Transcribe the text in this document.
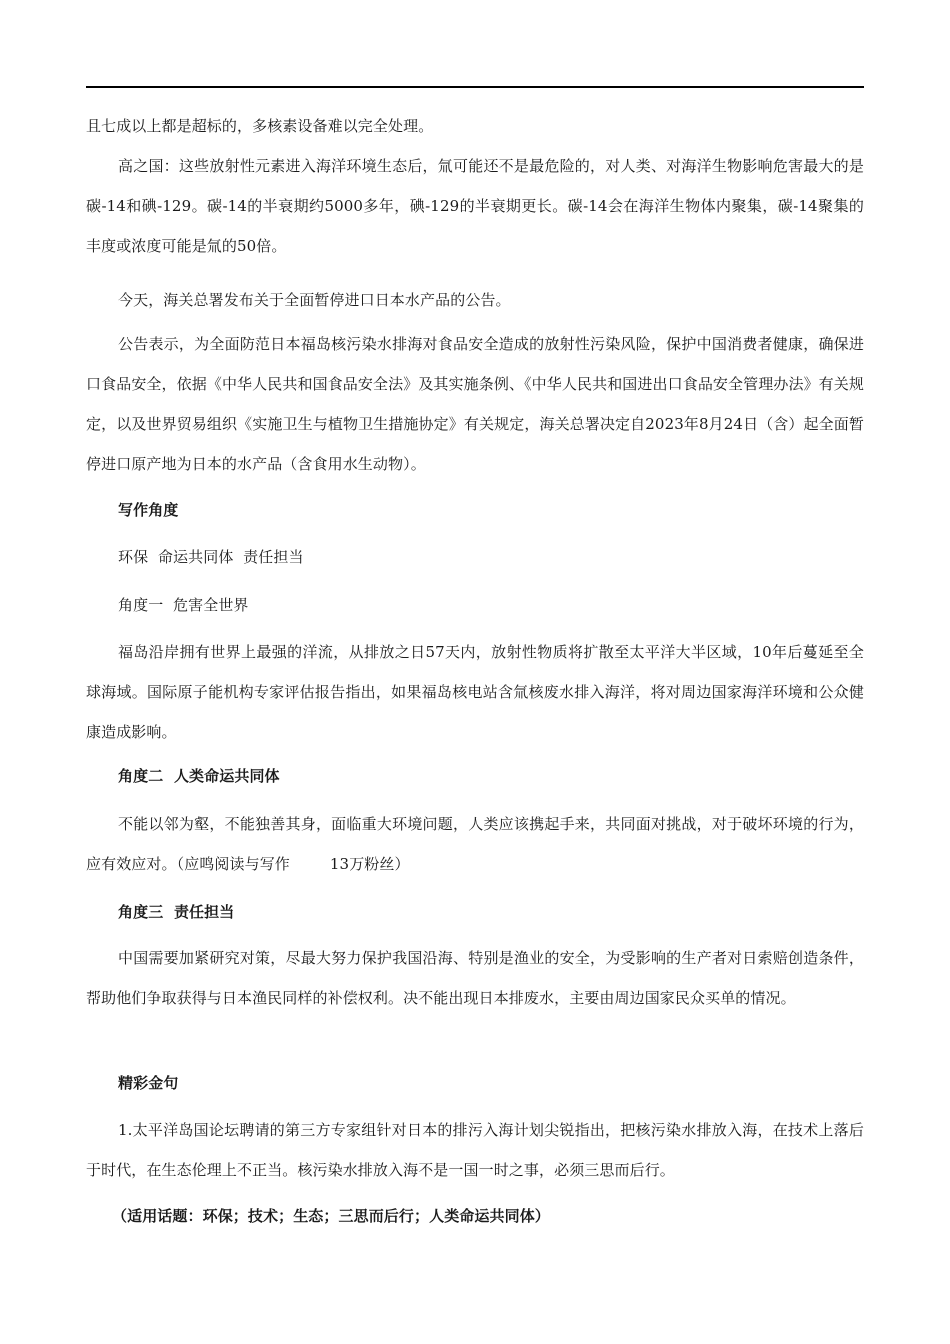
且七成以上都是超标的，多核素设备难以完全处理。
高之国：这些放射性元素进入海洋环境生态后，氚可能还不是最危险的，对人类、对海洋生物影响危害最大的是碳-14和碘-129。碳-14的半衰期约5000多年，碘-129的半衰期更长。碳-14会在海洋生物体内聚集，碳-14聚集的丰度或浓度可能是氚的50倍。
今天，海关总署发布关于全面暂停进口日本水产品的公告。
公告表示，为全面防范日本福岛核污染水排海对食品安全造成的放射性污染风险，保护中国消费者健康，确保进口食品安全，依据《中华人民共和国食品安全法》及其实施条例、《中华人民共和国进出口食品安全管理办法》有关规定，以及世界贸易组织《实施卫生与植物卫生措施协定》有关规定，海关总署决定自2023年8月24日（含）起全面暂停进口原产地为日本的水产品（含食用水生动物）。
写作角度
环保  命运共同体  责任担当
角度一  危害全世界
福岛沿岸拥有世界上最强的洋流，从排放之日57天内，放射性物质将扩散至太平洋大半区域，10年后蔓延至全球海域。国际原子能机构专家评估报告指出，如果福岛核电站含氚核废水排入海洋，将对周边国家海洋环境和公众健康造成影响。
角度二  人类命运共同体
不能以邻为壑，不能独善其身，面临重大环境问题，人类应该携起手来，共同面对挑战，对于破坏环境的行为，应有效应对。（应鸣阅读与写作	13万粉丝）
角度三  责任担当
中国需要加紧研究对策，尽最大努力保护我国沿海、特别是渔业的安全，为受影响的生产者对日索赔创造条件，帮助他们争取获得与日本渔民同样的补偿权利。决不能出现日本排废水，主要由周边国家民众买单的情况。
精彩金句
1.太平洋岛国论坛聘请的第三方专家组针对日本的排污入海计划尖锐指出，把核污染水排放入海，在技术上落后于时代，在生态伦理上不正当。核污染水排放入海不是一国一时之事，必须三思而后行。
（适用话题：环保；技术；生态；三思而后行；人类命运共同体）
